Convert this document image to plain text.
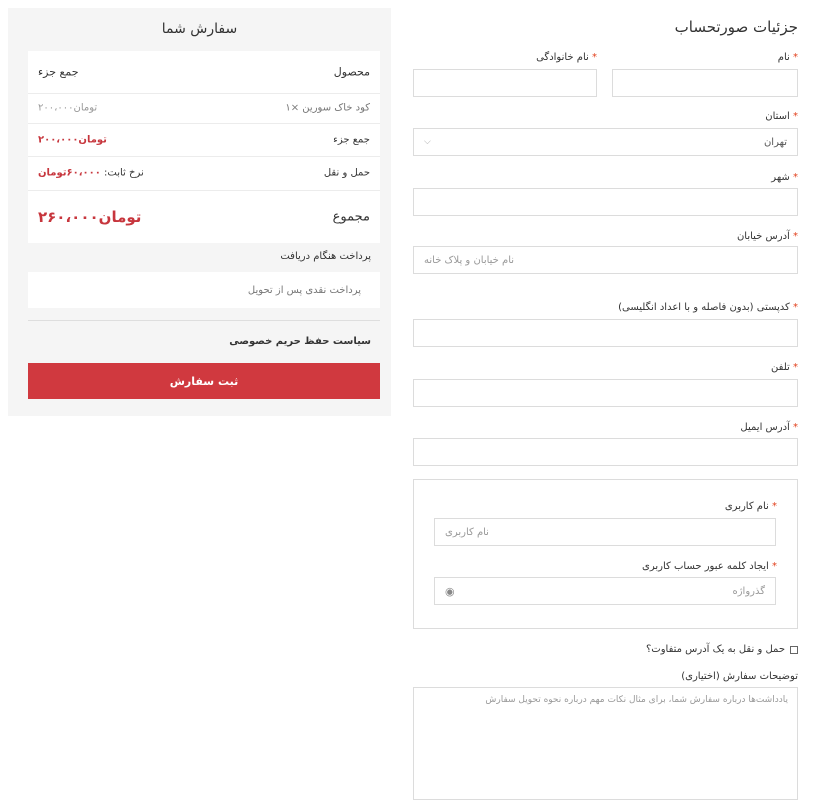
سفارش شما
محصول
جمع جزء
کود خاک سورین ×۱
۲۰۰،۰۰۰تومان
جمع جزء
۲۰۰،۰۰۰تومان
حمل و نقل
نرخ ثابت: ۶۰،۰۰۰تومان
مجموع
۲۶۰،۰۰۰تومان
پرداخت هنگام دریافت
پرداخت نقدی پس از تحویل
سیاست حفظ حریم خصوصی
ثبت سفارش
جزئیات صورتحساب
نام *
نام خانوادگی *
استان *
تهران
⌵
شهر *
آدرس خیابان *
نام خیابان و پلاک خانه
کدپستی (بدون فاصله و با اعداد انگلیسی) *
تلفن *
آدرس ایمیل *
نام کاربری *
نام کاربری
ایجاد کلمه عبور حساب کاربری *
گذرواژه
◉
حمل و نقل به یک آدرس متفاوت؟
توضیحات سفارش (اختیاری)
یادداشت‌ها درباره سفارش شما، برای مثال نکات مهم درباره نحوه تحویل سفارش
